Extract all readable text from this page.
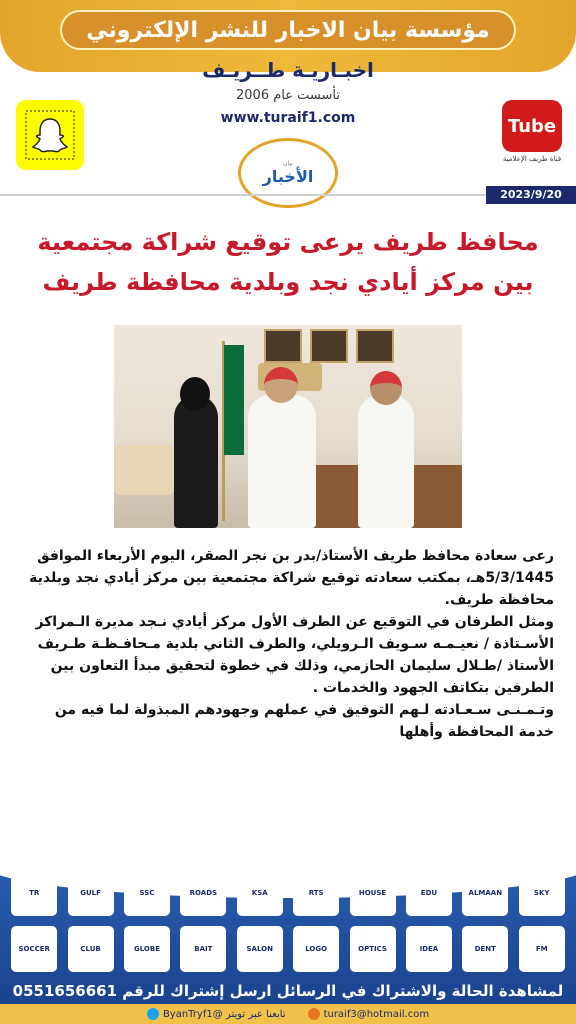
مؤسسة بيان الاخبار للنشر الإلكتروني
اخبـاريـة طــريـف
تأسست عام 2006
www.turaif1.com	Tube
قناة طريف الإعلامية
بيان
الأخبار
2023/9/20
محافظ طريف يرعى توقيع شراكة مجتمعية
بين مركز أيادي نجد وبلدية محافظة طريف

رعى سعادة محافظ طريف الأستاذ/بدر بن نجر الصقر، اليوم الأربعاء الموافق 5/3/1445هـ، بمكتب سعادته توقيع شراكة مجتمعية بين مركز أيادي نجد وبلدية محافظة طريف.

ومثل الطرفان في التوقيع عن الطرف الأول مركز أيادي نـجد مديرة الـمراكز الأسـتاذة / نعيـمـه سـويف الـرويلي، والطرف الثاني بلدية مـحافـظـة طـريف الأستاذ /طـلال سليمان الحازمي، وذلك في خطوة لتحقيق مبدأ التعاون بين الطرفين بتكاتف الجهود والخدمات .

وتـمـنـى سـعـادته لـهم التوفيق في عملهم وجهودهم المبذولة لما فيه من خدمة المحافظة وأهلها

TR	GULF	SSC	ROADS	KSA	RTS	HOUSE	EDU	ALMAAN	SKY
SOCCER	CLUB	GLOBE	BAIT	SALON	LOGO	OPTICS	IDEA	DENT	FM
لمشاهدة الحالة والاشتراك في الرسائل ارسل إشتراك للرقم 0551656661
ByanTryf1@ تابعنا عبر تويتر	turaif3@hotmail.com
